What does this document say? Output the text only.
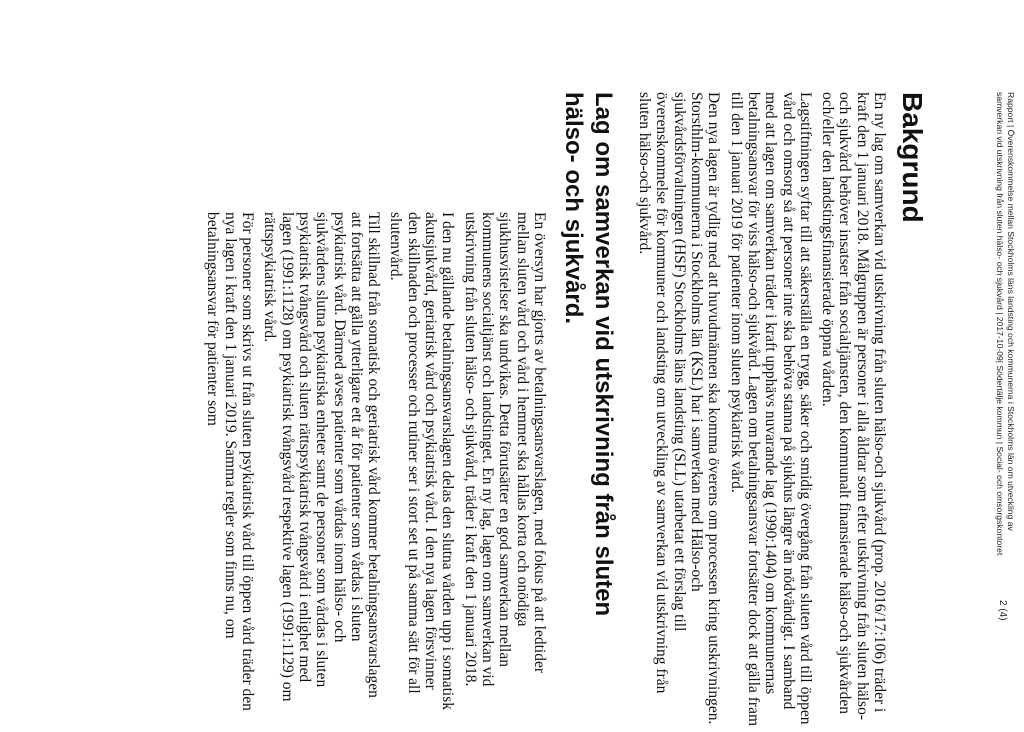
Rapport | Överenskommelse mellan Stockholms läns landsting och kommunerna i Stockholms län om utveckling av
samverkan vid utskrivning från sluten hälso- och sjukvård | 2017-10-09| Södertälje kommun | Social- och omsorgskontoret
2 (4)
Bakgrund

En ny lag om samverkan vid utskrivning från sluten hälso-och sjukvård (prop. 2016/17:106) träder i kraft den 1 januari 2018. Målgruppen är personer i alla åldrar som efter utskrivning från sluten hälso-och sjukvård behöver insatser från socialtjänsten, den kommunalt finansierade hälso-och sjukvården och/eller den landstingsfinansierade öppna vården.

Lagstiftningen syftar till att säkerställa en trygg, säker och smidig övergång från sluten vård till öppen vård och omsorg så att personer inte ska behöva stanna på sjukhus längre än nödvändigt. I samband med att lagen om samverkan träder i kraft upphävs nuvarande lag (1990:1404) om kommunernas betalningsansvar för viss hälso-och sjukvård. Lagen om betalningsansvar fortsätter dock att gälla fram till den 1 januari 2019 för patienter inom sluten psykiatrisk vård.

Den nya lagen är tydlig med att huvudmännen ska komma överens om processen kring utskrivningen. Storsthlm-kommunerna i Stockholms län (KSL) har i samverkan med Hälso-och sjukvårdsförvaltningen (HSF) Stockholms läns landsting (SLL) utarbetat ett förslag till överenskommelse för kommuner och landsting om utveckling av samverkan vid utskrivning från sluten hälso-och sjukvård.

Lag om samverkan vid utskrivning från sluten hälso- och sjukvård.

En översyn har gjorts av betalningsansvarslagen, med fokus på att ledtider mellan sluten vård och vård i hemmet ska hållas korta och onödiga sjukhusvistelser ska undvikas. Detta förutsätter en god samverkan mellan kommunens socialtjänst och landstinget. En ny lag, lagen om samverkan vid utskrivning från sluten hälso- och sjukvård, träder i kraft den 1 januari 2018.

I den nu gällande betalningsansvarslagen delas den slutna vården upp i somatisk akutsjukvård, geriatrisk vård och psykiatrisk vård. I den nya lagen försvinner den skillnaden och processer och rutiner ser i stort set ut på samma sätt för all slutenvård.

Till skillnad från somatisk och geriatrisk vård kommer betalningsansvarslagen att fortsätta att gälla ytterligare ett år för patienter som vårdas i sluten psykiatrisk vård. Därmed avses patienter som vårdas inom hälso- och sjukvårdens slutna psykiatriska enheter samt de personer som vårdas i sluten psykiatrisk tvångsvård och sluten rättspsykiatrisk tvångsvård i enlighet med lagen (1991:1128) om psykiatrisk tvångsvård respektive lagen (1991:1129) om rättspsykiatrisk vård.

För personer som skrivs ut från sluten psykiatrisk vård till öppen vård träder den nya lagen i kraft den 1 januari 2019. Samma regler som finns nu, om betalningsansvar för patienter som
